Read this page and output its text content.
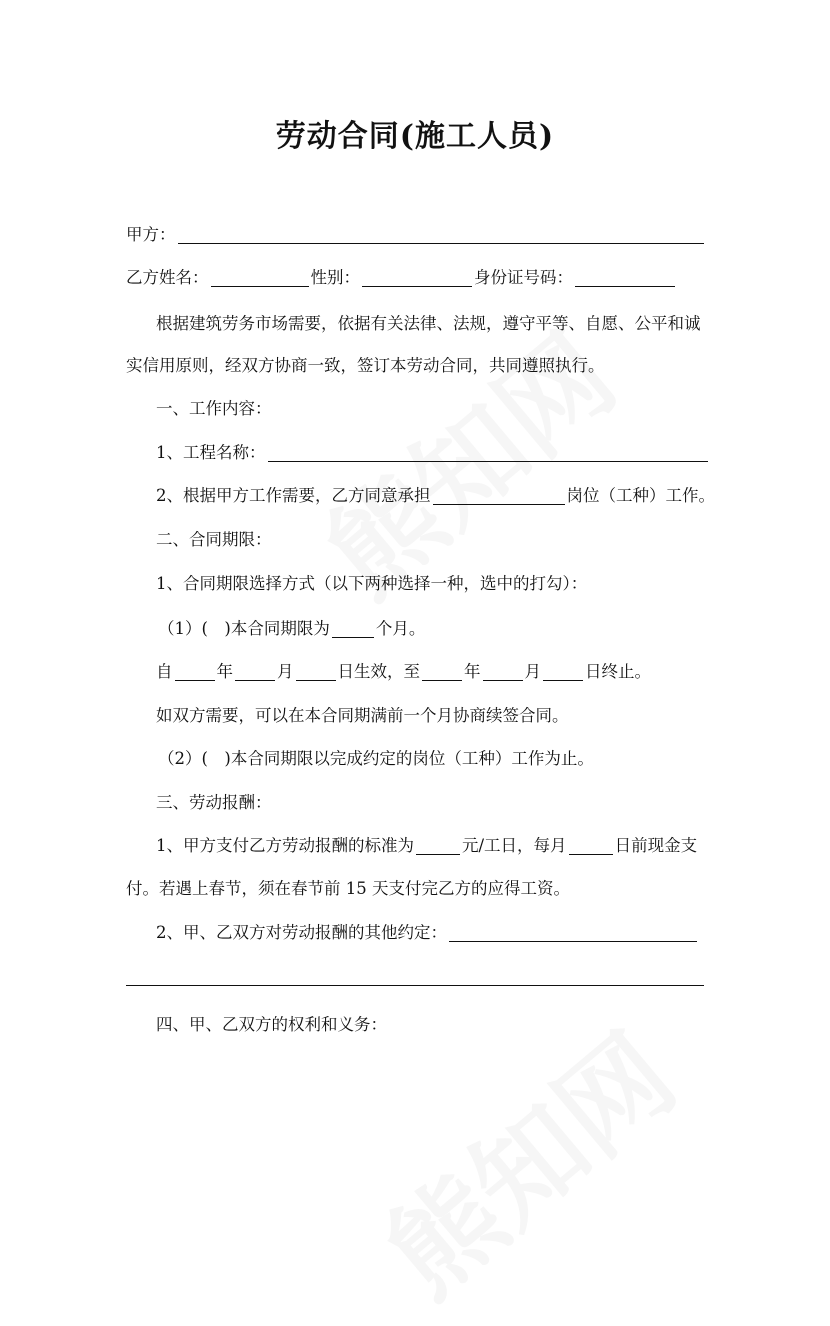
劳动合同(施工人员)
甲方：
乙方姓名：	性别：	身份证号码：
根据建筑劳务市场需要，依据有关法律、法规，遵守平等、自愿、公平和诚
实信用原则，经双方协商一致，签订本劳动合同，共同遵照执行。
一、工作内容：
1、工程名称：
2、根据甲方工作需要，乙方同意承担	岗位（工种）工作。
二、合同期限：
1、合同期限选择方式（以下两种选择一种，选中的打勾）：
（1）(　)本合同期限为	个月。
自	年	月	日生效，至	年	月	日终止。
如双方需要，可以在本合同期满前一个月协商续签合同。
（2）(　)本合同期限以完成约定的岗位（工种）工作为止。
三、劳动报酬：
1、甲方支付乙方劳动报酬的标准为	元/工日，每月	日前现金支
付。若遇上春节，须在春节前 15 天支付完乙方的应得工资。
2、甲、乙双方对劳动报酬的其他约定：
四、甲、乙双方的权利和义务：
